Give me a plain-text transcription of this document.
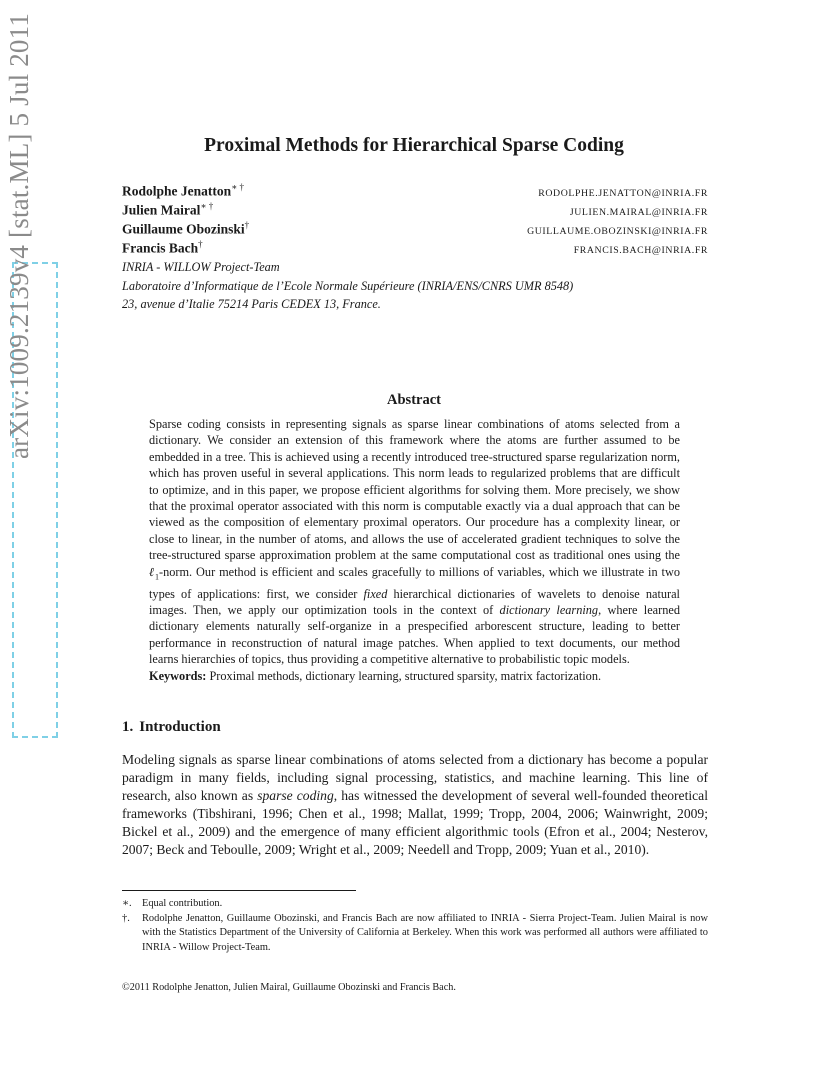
arXiv:1009.2139v4 [stat.ML] 5 Jul 2011	Proximal Methods for Hierarchical Sparse Coding
Rodolphe Jenatton∗ †
RODOLPHE.JENATTON@INRIA.FR
Julien Mairal∗ †
JULIEN.MAIRAL@INRIA.FR
Guillaume Obozinski†
GUILLAUME.OBOZINSKI@INRIA.FR
Francis Bach†
FRANCIS.BACH@INRIA.FR
INRIA - WILLOW Project-Team
Laboratoire d’Informatique de l’Ecole Normale Supérieure (INRIA/ENS/CNRS UMR 8548)
23, avenue d’Italie 75214 Paris CEDEX 13, France.
Abstract

Sparse coding consists in representing signals as sparse linear combinations of atoms selected from a dictionary. We consider an extension of this framework where the atoms are further assumed to be embedded in a tree. This is achieved using a recently introduced tree-structured sparse regularization norm, which has proven useful in several applications. This norm leads to regularized problems that are difficult to optimize, and in this paper, we propose efficient algorithms for solving them. More precisely, we show that the proximal operator associated with this norm is computable exactly via a dual approach that can be viewed as the composition of elementary proximal operators. Our procedure has a complexity linear, or close to linear, in the number of atoms, and allows the use of accelerated gradient techniques to solve the tree-structured sparse approximation problem at the same computational cost as traditional ones using the ℓ$_1$-norm. Our method is efficient and scales gracefully to millions of variables, which we illustrate in two types of applications: first, we consider fixed hierarchical dictionaries of wavelets to denoise natural images. Then, we apply our optimization tools in the context of dictionary learning, where learned dictionary elements naturally self-organize in a prespecified arborescent structure, leading to better performance in reconstruction of natural image patches. When applied to text documents, our method learns hierarchies of topics, thus providing a competitive alternative to probabilistic topic models.

Keywords: Proximal methods, dictionary learning, structured sparsity, matrix factorization.

1. Introduction

Modeling signals as sparse linear combinations of atoms selected from a dictionary has become a popular paradigm in many fields, including signal processing, statistics, and machine learning. This line of research, also known as sparse coding, has witnessed the development of several well-founded theoretical frameworks (Tibshirani, 1996; Chen et al., 1998; Mallat, 1999; Tropp, 2004, 2006; Wainwright, 2009; Bickel et al., 2009) and the emergence of many efficient algorithmic tools (Efron et al., 2004; Nesterov, 2007; Beck and Teboulle, 2009; Wright et al., 2009; Needell and Tropp, 2009; Yuan et al., 2010).

∗. Equal contribution.
†.	Rodolphe Jenatton, Guillaume Obozinski, and Francis Bach are now affiliated to INRIA - Sierra Project-Team. Julien Mairal is now with the Statistics Department of the University of California at Berkeley. When this work was performed all authors were affiliated to INRIA - Willow Project-Team.
©2011 Rodolphe Jenatton, Julien Mairal, Guillaume Obozinski and Francis Bach.
